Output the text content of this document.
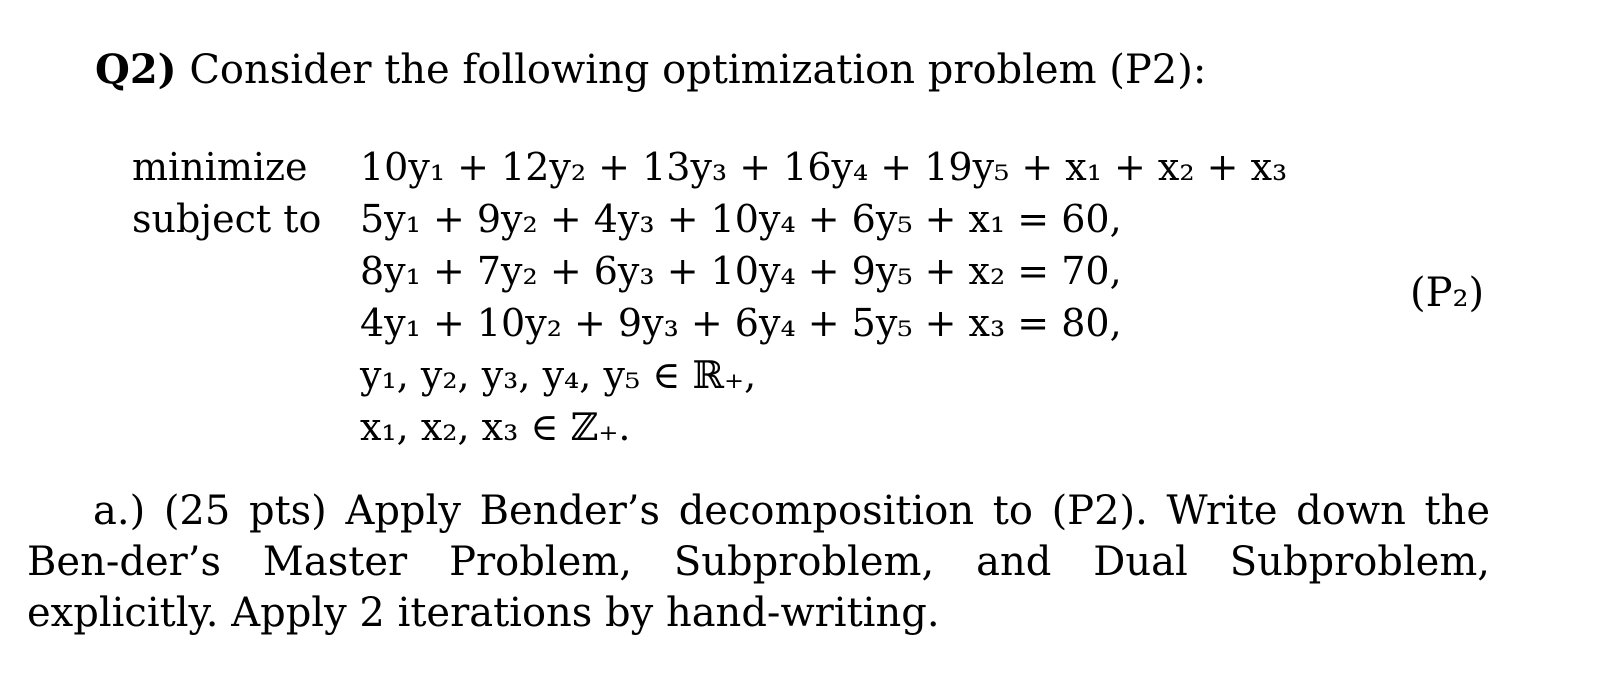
Q2) Consider the following optimization problem (P2):
minimize	10y₁ + 12y₂ + 13y₃ + 16y₄ + 19y₅ + x₁ + x₂ + x₃
subject to	5y₁ + 9y₂ + 4y₃ + 10y₄ + 6y₅ + x₁ = 60,
8y₁ + 7y₂ + 6y₃ + 10y₄ + 9y₅ + x₂ = 70,
4y₁ + 10y₂ + 9y₃ + 6y₄ + 5y₅ + x₃ = 80,
y₁, y₂, y₃, y₄, y₅ ∈ ℝ₊,
x₁, x₂, x₃ ∈ ℤ₊.
(P₂)
a.) (25 pts) Apply Bender’s decomposition to (P2). Write down the Ben-der’s Master Problem, Subproblem, and Dual Subproblem, explicitly. Apply 2 iterations by hand-writing.
